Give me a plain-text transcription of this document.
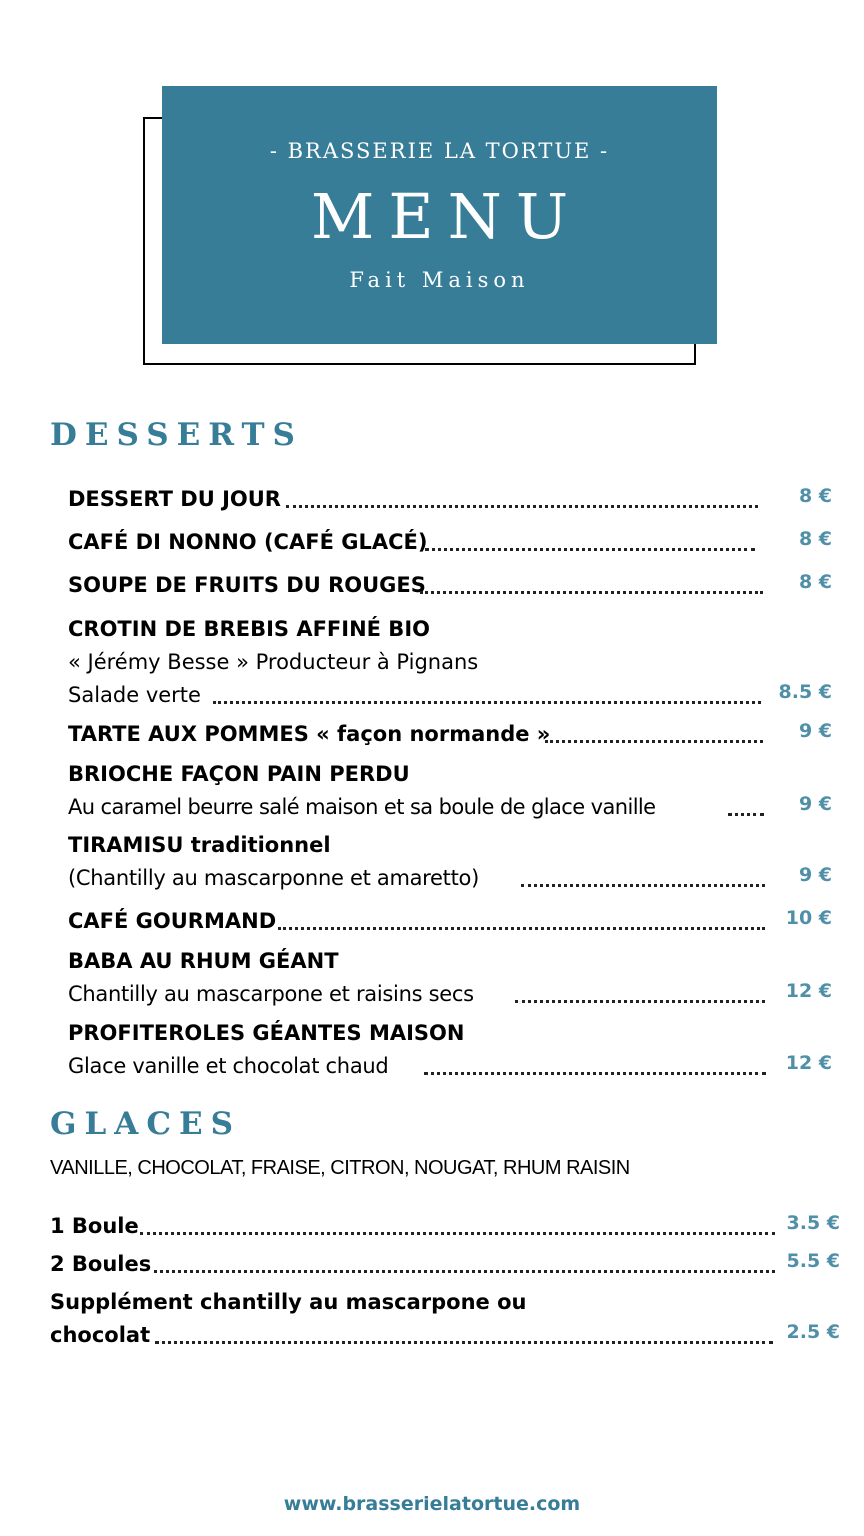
- BRASSERIE LA TORTUE -
MENU
Fait Maison
DESSERTS
DESSERT DU JOUR	8 €
CAFÉ DI NONNO (CAFÉ GLACÉ)	8 €
SOUPE DE FRUITS DU ROUGES	8 €
CROTIN DE BREBIS AFFINÉ BIO
« Jérémy Besse » Producteur à Pignans
Salade verte	8.5 €
TARTE AUX POMMES « façon normande »	9 €
BRIOCHE FAÇON PAIN PERDU
Au caramel beurre salé maison et sa boule de glace vanille	9 €
TIRAMISU traditionnel
(Chantilly au mascarponne et amaretto)	9 €
CAFÉ GOURMAND	10 €
BABA AU RHUM GÉANT
Chantilly au mascarpone et raisins secs	12 €
PROFITEROLES GÉANTES MAISON
Glace vanille et chocolat chaud	12 €
GLACES
VANILLE, CHOCOLAT, FRAISE, CITRON, NOUGAT, RHUM RAISIN
1 Boule	3.5 €
2 Boules	5.5 €
Supplément chantilly au mascarpone ou
chocolat	2.5 €
www.brasserielatortue.com
